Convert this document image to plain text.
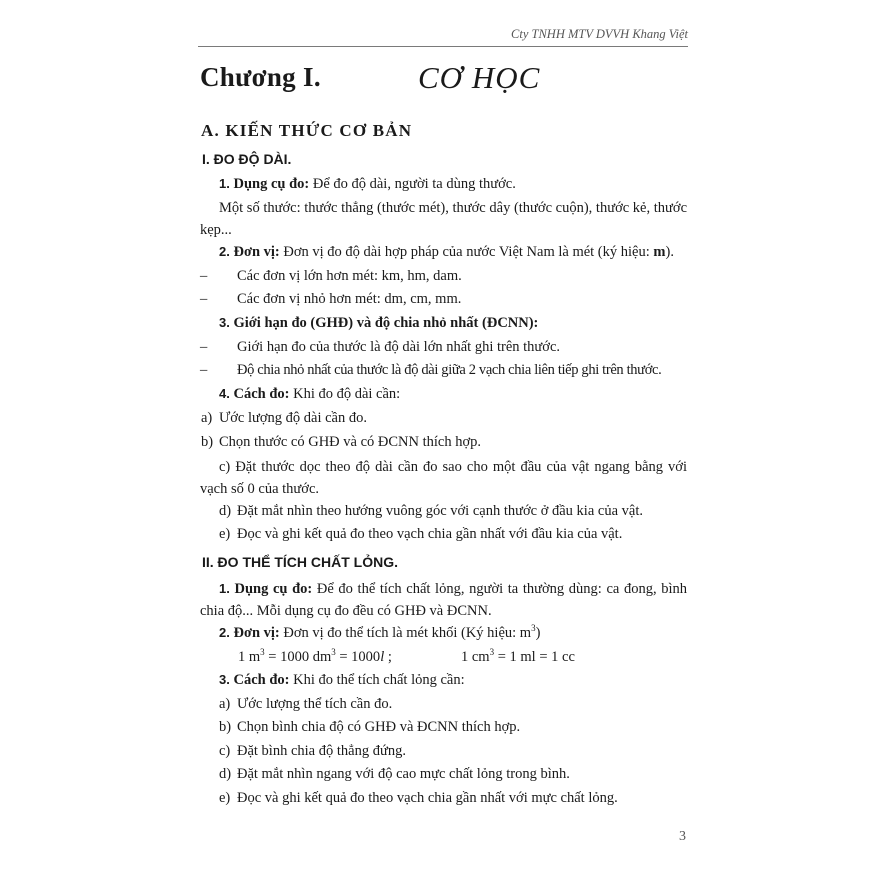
Cty TNHH MTV DVVH Khang Việt
Chương I.	CƠ HỌC
A. KIẾN THỨC CƠ BẢN
I. ĐO ĐỘ DÀI.
1. Dụng cụ đo: Để đo độ dài, người ta dùng thước.
Một số thước: thước thẳng (thước mét), thước dây (thước cuộn), thước kẻ, thước kẹp...
2. Đơn vị: Đơn vị đo độ dài hợp pháp của nước Việt Nam là mét (ký hiệu: m).
– Các đơn vị lớn hơn mét: km, hm, dam.
– Các đơn vị nhỏ hơn mét: dm, cm, mm.
3. Giới hạn đo (GHĐ) và độ chia nhỏ nhất (ĐCNN):
– Giới hạn đo của thước là độ dài lớn nhất ghi trên thước.
– Độ chia nhỏ nhất của thước là độ dài giữa 2 vạch chia liên tiếp ghi trên thước.
4. Cách đo: Khi đo độ dài cần:
a) Ước lượng độ dài cần đo.
b) Chọn thước có GHĐ và có ĐCNN thích hợp.
c) Đặt thước dọc theo độ dài cần đo sao cho một đầu của vật ngang bằng với vạch số 0 của thước.
d) Đặt mắt nhìn theo hướng vuông góc với cạnh thước ở đầu kia của vật.
e) Đọc và ghi kết quả đo theo vạch chia gần nhất với đầu kia của vật.
II. ĐO THỂ TÍCH CHẤT LỎNG.
1. Dụng cụ đo: Để đo thể tích chất lỏng, người ta thường dùng: ca đong, bình chia độ... Mỗi dụng cụ đo đều có GHĐ và ĐCNN.
2. Đơn vị: Đơn vị đo thể tích là mét khối (Ký hiệu: $m^3$)
1 $m^3 = 1000$ $dm^3 = 1000l$ ;	1 $cm^3 = 1$ ml = 1 cc
3. Cách đo: Khi đo thể tích chất lỏng cần:
a) Ước lượng thể tích cần đo.
b) Chọn bình chia độ có GHĐ và ĐCNN thích hợp.
c) Đặt bình chia độ thẳng đứng.
d) Đặt mắt nhìn ngang với độ cao mực chất lỏng trong bình.
e) Đọc và ghi kết quả đo theo vạch chia gần nhất với mực chất lỏng.
3
